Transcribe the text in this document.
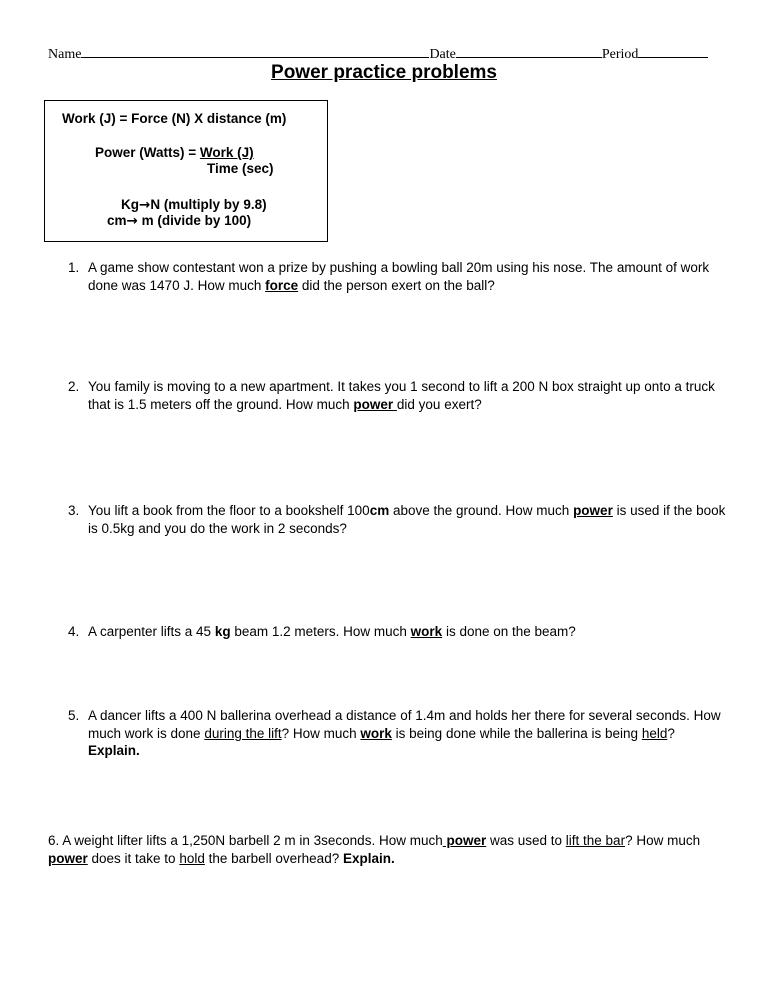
Name	Date	Period
Power practice problems
Work (J) = Force (N) X distance (m)
Power (Watts) = Work (J)
Time (sec)
Kg→N (multiply by 9.8)
cm→ m (divide by 100)
1. A game show contestant won a prize by pushing a bowling ball 20m using his nose. The amount of work done was 1470 J. How much force did the person exert on the ball?
2. You family is moving to a new apartment. It takes you 1 second to lift a 200 N box straight up onto a truck that is 1.5 meters off the ground. How much power did you exert?
3. You lift a book from the floor to a bookshelf 100cm above the ground. How much power is used if the book is 0.5kg and you do the work in 2 seconds?
4. A carpenter lifts a 45 kg beam 1.2 meters. How much work is done on the beam?
5. A dancer lifts a 400 N ballerina overhead a distance of 1.4m and holds her there for several seconds. How much work is done during the lift? How much work is being done while the ballerina is being held? Explain.
6. A weight lifter lifts a 1,250N barbell 2 m in 3seconds. How much power was used to lift the bar? How much power does it take to hold the barbell overhead? Explain.
